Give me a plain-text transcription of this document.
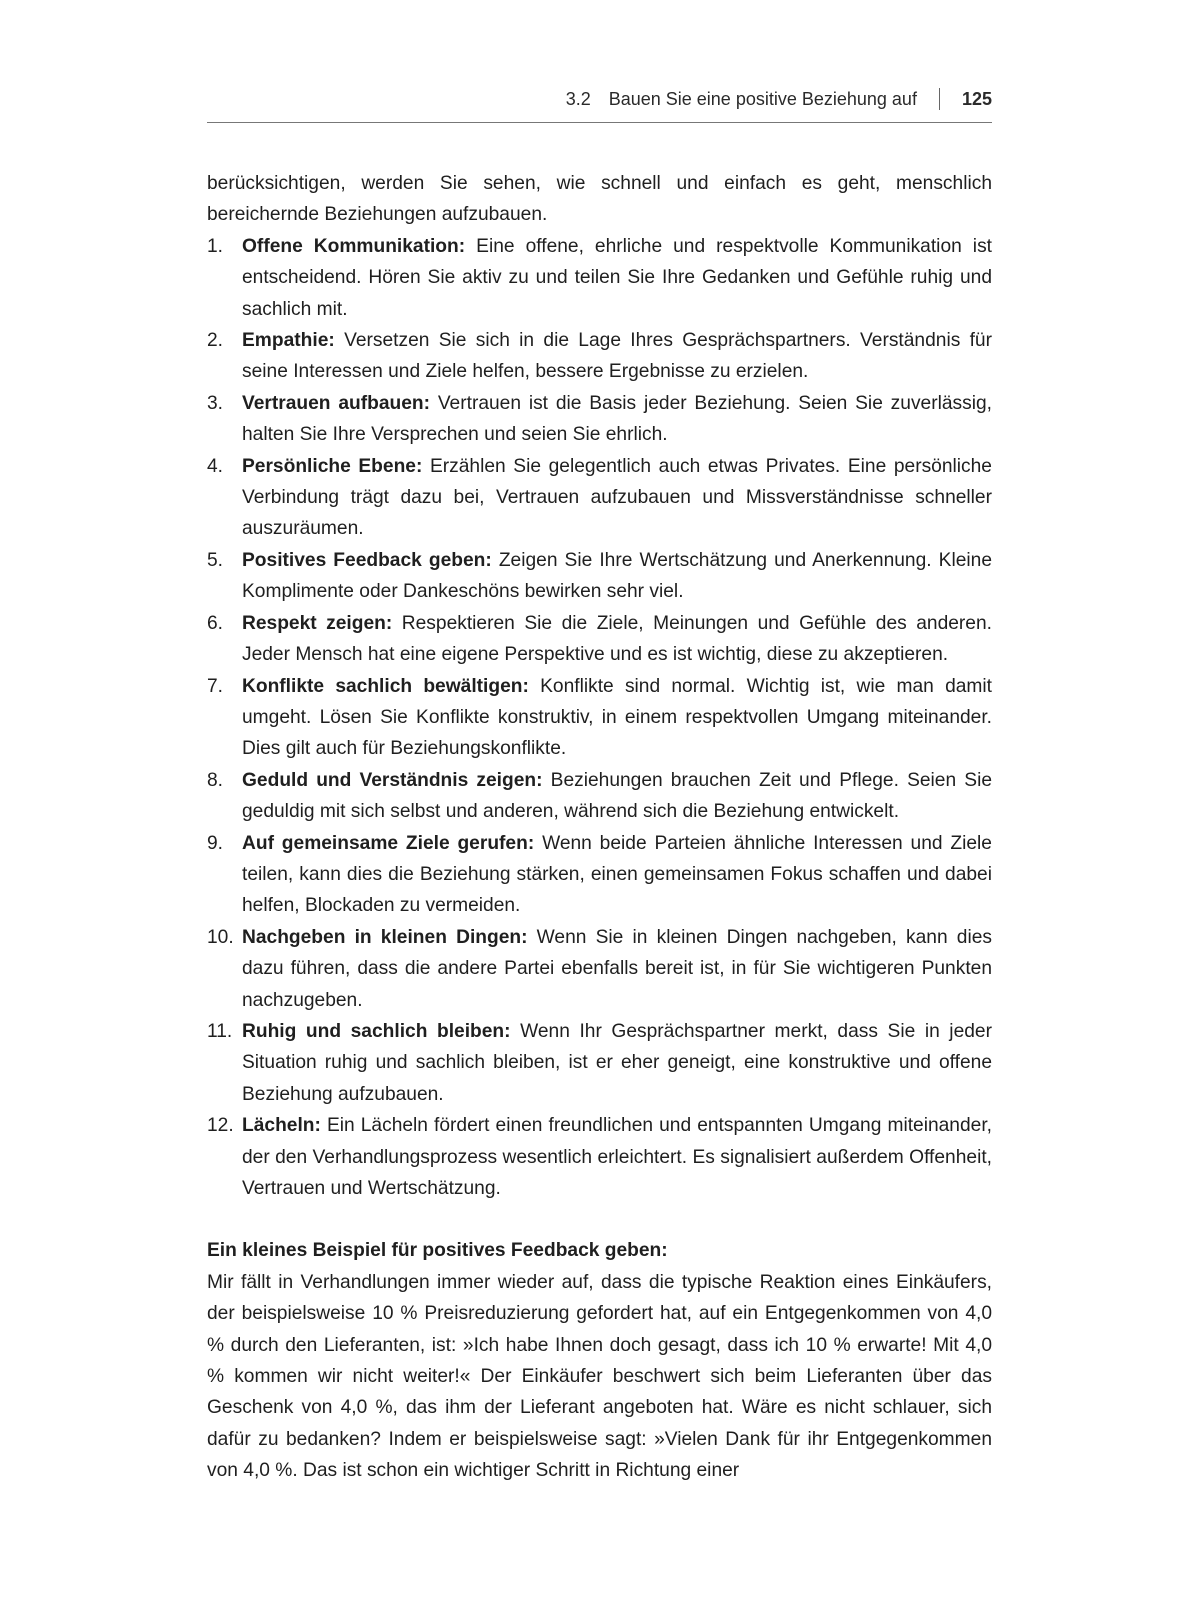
3.2 Bauen Sie eine positive Beziehung auf	125

berücksichtigen, werden Sie sehen, wie schnell und einfach es geht, menschlich bereichernde Beziehungen aufzubauen.

1. Offene Kommunikation: Eine offene, ehrliche und respektvolle Kommunikation ist entscheidend. Hören Sie aktiv zu und teilen Sie Ihre Gedanken und Gefühle ruhig und sachlich mit.
2. Empathie: Versetzen Sie sich in die Lage Ihres Gesprächspartners. Verständnis für seine Interessen und Ziele helfen, bessere Ergebnisse zu erzielen.
3. Vertrauen aufbauen: Vertrauen ist die Basis jeder Beziehung. Seien Sie zuverlässig, halten Sie Ihre Versprechen und seien Sie ehrlich.
4. Persönliche Ebene: Erzählen Sie gelegentlich auch etwas Privates. Eine persönliche Verbindung trägt dazu bei, Vertrauen aufzubauen und Missverständnisse schneller auszuräumen.
5. Positives Feedback geben: Zeigen Sie Ihre Wertschätzung und Anerkennung. Kleine Komplimente oder Dankeschöns bewirken sehr viel.
6. Respekt zeigen: Respektieren Sie die Ziele, Meinungen und Gefühle des anderen. Jeder Mensch hat eine eigene Perspektive und es ist wichtig, diese zu akzeptieren.
7. Konflikte sachlich bewältigen: Konflikte sind normal. Wichtig ist, wie man damit umgeht. Lösen Sie Konflikte konstruktiv, in einem respektvollen Umgang miteinander. Dies gilt auch für Beziehungskonflikte.
8. Geduld und Verständnis zeigen: Beziehungen brauchen Zeit und Pflege. Seien Sie geduldig mit sich selbst und anderen, während sich die Beziehung entwickelt.
9. Auf gemeinsame Ziele gerufen: Wenn beide Parteien ähnliche Interessen und Ziele teilen, kann dies die Beziehung stärken, einen gemeinsamen Fokus schaffen und dabei helfen, Blockaden zu vermeiden.
10. Nachgeben in kleinen Dingen: Wenn Sie in kleinen Dingen nachgeben, kann dies dazu führen, dass die andere Partei ebenfalls bereit ist, in für Sie wichtigeren Punkten nachzugeben.
11. Ruhig und sachlich bleiben: Wenn Ihr Gesprächspartner merkt, dass Sie in jeder Situation ruhig und sachlich bleiben, ist er eher geneigt, eine konstruktive und offene Beziehung aufzubauen.
12. Lächeln: Ein Lächeln fördert einen freundlichen und entspannten Umgang miteinander, der den Verhandlungsprozess wesentlich erleichtert. Es signalisiert außerdem Offenheit, Vertrauen und Wertschätzung.

Ein kleines Beispiel für positives Feedback geben:

Mir fällt in Verhandlungen immer wieder auf, dass die typische Reaktion eines Einkäufers, der beispielsweise 10 % Preisreduzierung gefordert hat, auf ein Entgegenkommen von 4,0 % durch den Lieferanten, ist: »Ich habe Ihnen doch gesagt, dass ich 10 % erwarte! Mit 4,0 % kommen wir nicht weiter!« Der Einkäufer beschwert sich beim Lieferanten über das Geschenk von 4,0 %, das ihm der Lieferant angeboten hat. Wäre es nicht schlauer, sich dafür zu bedanken? Indem er beispielsweise sagt: »Vielen Dank für ihr Entgegenkommen von 4,0 %. Das ist schon ein wichtiger Schritt in Richtung einer
